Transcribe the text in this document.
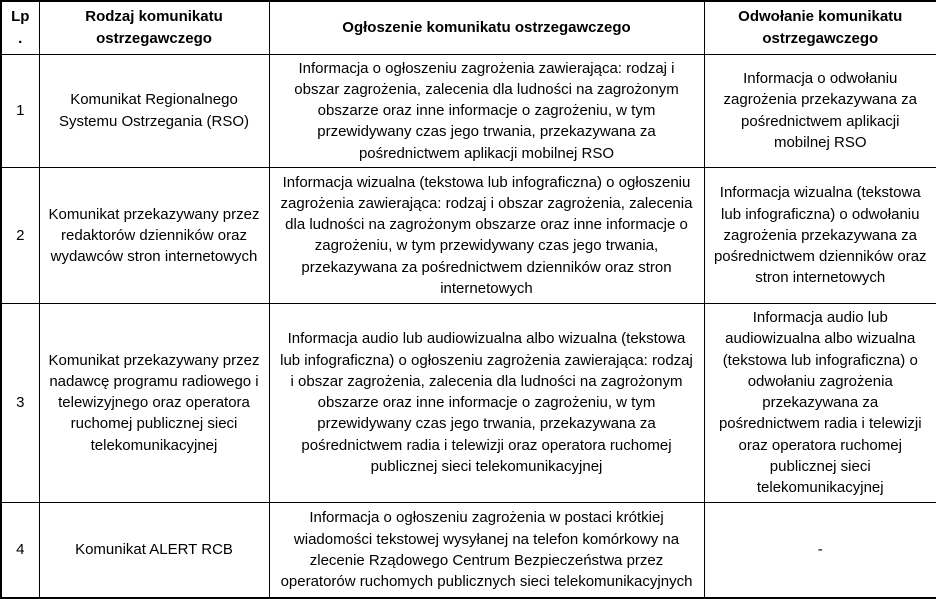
Lp.	Rodzaj komunikatu ostrzegawczego	Ogłoszenie komunikatu ostrzegawczego	Odwołanie komunikatu ostrzegawczego
1	Komunikat Regionalnego Systemu Ostrzegania (RSO)	Informacja o ogłoszeniu zagrożenia zawierająca: rodzaj i obszar zagrożenia, zalecenia dla ludności na zagrożonym obszarze oraz inne informacje o zagrożeniu, w tym przewidywany czas jego trwania, przekazywana za pośrednictwem aplikacji mobilnej RSO	Informacja o odwołaniu zagrożenia przekazywana za pośrednictwem aplikacji mobilnej RSO
2	Komunikat przekazywany przez redaktorów dzienników oraz wydawców stron internetowych	Informacja wizualna (tekstowa lub infograficzna) o ogłoszeniu zagrożenia zawierająca: rodzaj i obszar zagrożenia, zalecenia dla ludności na zagrożonym obszarze oraz inne informacje o zagrożeniu, w tym przewidywany czas jego trwania, przekazywana za pośrednictwem dzienników oraz stron internetowych	Informacja wizualna (tekstowa lub infograficzna) o odwołaniu zagrożenia przekazywana za pośrednictwem dzienników oraz stron internetowych
3	Komunikat przekazywany przez nadawcę programu radiowego i telewizyjnego oraz operatora ruchomej publicznej sieci telekomunikacyjnej	Informacja audio lub audiowizualna albo wizualna (tekstowa lub infograficzna) o ogłoszeniu zagrożenia zawierająca: rodzaj i obszar zagrożenia, zalecenia dla ludności na zagrożonym obszarze oraz inne informacje o zagrożeniu, w tym przewidywany czas jego trwania, przekazywana za pośrednictwem radia i telewizji oraz operatora ruchomej publicznej sieci telekomunikacyjnej	Informacja audio lub audiowizualna albo wizualna (tekstowa lub infograficzna) o odwołaniu zagrożenia przekazywana za pośrednictwem radia i telewizji oraz operatora ruchomej publicznej sieci telekomunikacyjnej
4	Komunikat ALERT RCB	Informacja o ogłoszeniu zagrożenia w postaci krótkiej wiadomości tekstowej wysyłanej na telefon komórkowy na zlecenie Rządowego Centrum Bezpieczeństwa przez operatorów ruchomych publicznych sieci telekomunikacyjnych	-
